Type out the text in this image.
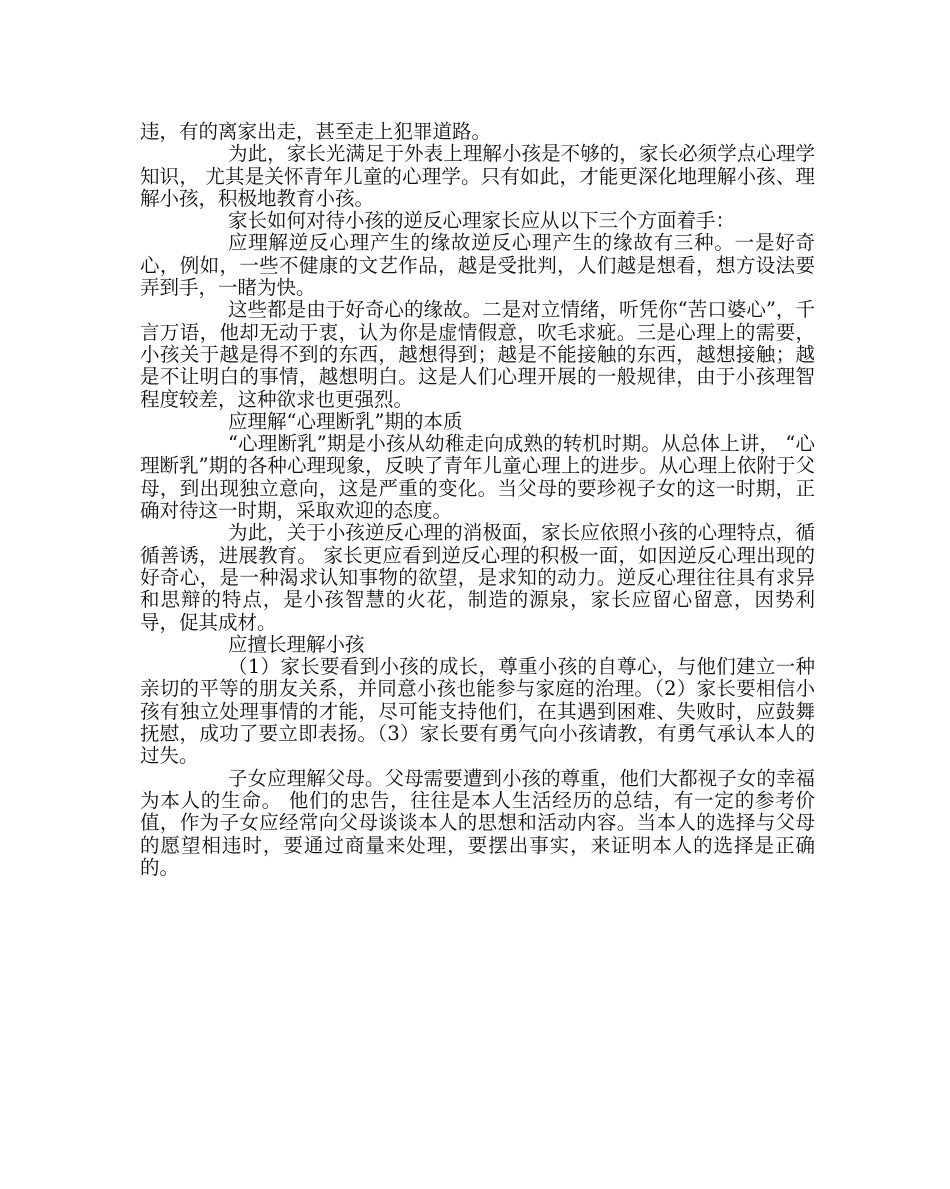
违，有的离家出走，甚至走上犯罪道路。

为此，家长光满足于外表上理解小孩是不够的，家长必须学点心理学知识， 尤其是关怀青年儿童的心理学。只有如此，才能更深化地理解小孩、理解小孩，积极地教育小孩。

家长如何对待小孩的逆反心理家长应从以下三个方面着手：

应理解逆反心理产生的缘故逆反心理产生的缘故有三种。一是好奇心，例如，一些不健康的文艺作品，越是受批判，人们越是想看，想方设法要弄到手，一睹为快。

这些都是由于好奇心的缘故。二是对立情绪，听凭你“苦口婆心”，千言万语，他却无动于衷，认为你是虚情假意，吹毛求疵。三是心理上的需要，小孩关于越是得不到的东西，越想得到；越是不能接触的东西，越想接触；越是不让明白的事情，越想明白。这是人们心理开展的一般规律，由于小孩理智程度较差，这种欲求也更强烈。

应理解“心理断乳”期的本质

“心理断乳”期是小孩从幼稚走向成熟的转机时期。从总体上讲， “心理断乳”期的各种心理现象，反映了青年儿童心理上的进步。从心理上依附于父母，到出现独立意向，这是严重的变化。当父母的要珍视子女的这一时期，正确对待这一时期，采取欢迎的态度。

为此，关于小孩逆反心理的消极面，家长应依照小孩的心理特点，循循善诱，进展教育。 家长更应看到逆反心理的积极一面，如因逆反心理出现的好奇心，是一种渴求认知事物的欲望，是求知的动力。逆反心理往往具有求异和思辩的特点，是小孩智慧的火花，制造的源泉，家长应留心留意，因势利导，促其成材。

应擅长理解小孩

（1）家长要看到小孩的成长，尊重小孩的自尊心，与他们建立一种亲切的平等的朋友关系，并同意小孩也能参与家庭的治理。（2）家长要相信小孩有独立处理事情的才能，尽可能支持他们，在其遇到困难、失败时，应鼓舞抚慰，成功了要立即表扬。（3）家长要有勇气向小孩请教，有勇气承认本人的过失。

子女应理解父母。父母需要遭到小孩的尊重，他们大都视子女的幸福为本人的生命。 他们的忠告，往往是本人生活经历的总结，有一定的参考价值，作为子女应经常向父母谈谈本人的思想和活动内容。当本人的选择与父母的愿望相违时，要通过商量来处理，要摆出事实，来证明本人的选择是正确的。
